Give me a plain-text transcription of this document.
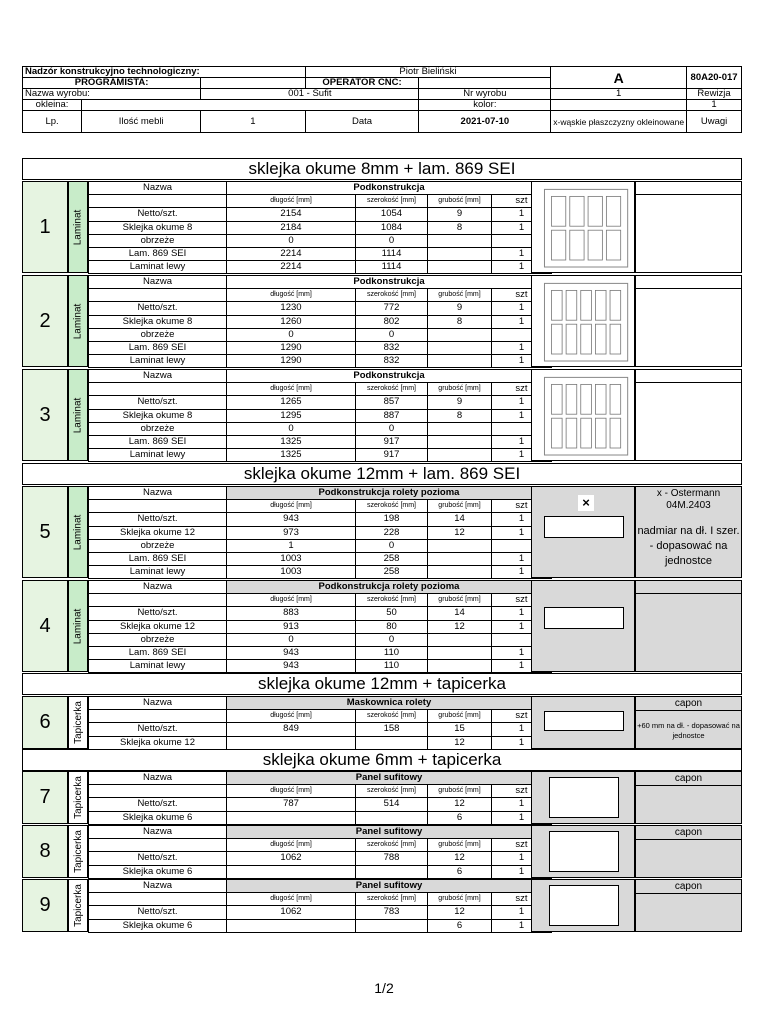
Nadzór konstrukcyjno technologiczny:			Piotr Bieliński		A	80A20-017
PROGRAMISTA:			OPERATOR CNC:			
Nazwa wyrobu:		001 - Sufit		Nr wyrobu	1	Rewizja
okleina:				kolor:		1
Lp.	Ilość mebli	1	Data	2021-07-10	x-wąskie płaszczyzny okleinowane	Uwagi
sklejka okume 8mm + lam. 869 SEI
sklejka okume 12mm + lam. 869 SEI
sklejka okume 12mm + tapicerka
sklejka okume 6mm + tapicerka
1	Laminat
Nazwa	Podkonstrukcja			
	długość [mm]	szerokość [mm]	grubość [mm]	szt
Netto/szt.	2154	1054	9	1
Sklejka okume 8	2184	1084	8	1
obrzeże	0	0		
Lam. 869 SEI	2214	1114		1
Laminat lewy	2214	1114		1
2	Laminat
Nazwa	Podkonstrukcja			
	długość [mm]	szerokość [mm]	grubość [mm]	szt
Netto/szt.	1230	772	9	1
Sklejka okume 8	1260	802	8	1
obrzeże	0	0		
Lam. 869 SEI	1290	832		1
Laminat lewy	1290	832		1
3	Laminat
Nazwa	Podkonstrukcja			
	długość [mm]	szerokość [mm]	grubość [mm]	szt
Netto/szt.	1265	857	9	1
Sklejka okume 8	1295	887	8	1
obrzeże	0	0		
Lam. 869 SEI	1325	917		1
Laminat lewy	1325	917		1
5	Laminat
Nazwa	Podkonstrukcja rolety pozioma			
	długość [mm]	szerokość [mm]	grubość [mm]	szt
Netto/szt.	943	198	14	1
Sklejka okume 12	973	228	12	1
obrzeże	1	0		
Lam. 869 SEI	1003	258		1
Laminat lewy	1003	258		1
×
x - Ostermann 04M.2403
nadmiar na dł. I szer. - dopasować na jednostce
4	Laminat
Nazwa	Podkonstrukcja rolety pozioma			
	długość [mm]	szerokość [mm]	grubość [mm]	szt
Netto/szt.	883	50	14	1
Sklejka okume 12	913	80	12	1
obrzeże	0	0		
Lam. 869 SEI	943	110		1
Laminat lewy	943	110		1
6	Tapicerka	Nazwa	Maskownica rolety			
	długość [mm]	szerokość [mm]	grubość [mm]	szt
Netto/szt.	849	158	15	1
Sklejka okume 12			12	1
capon
+60 mm na dł. - dopasować na jednostce
7	Tapicerka	Nazwa	Panel sufitowy			
	długość [mm]	szerokość [mm]	grubość [mm]	szt
Netto/szt.	787	514	12	1
Sklejka okume 6			6	1
capon
8	Tapicerka	Nazwa	Panel sufitowy			
	długość [mm]	szerokość [mm]	grubość [mm]	szt
Netto/szt.	1062	788	12	1
Sklejka okume 6			6	1
capon
9	Tapicerka	Nazwa	Panel sufitowy			
	długość [mm]	szerokość [mm]	grubość [mm]	szt
Netto/szt.	1062	783	12	1
Sklejka okume 6			6	1
capon
1/2
